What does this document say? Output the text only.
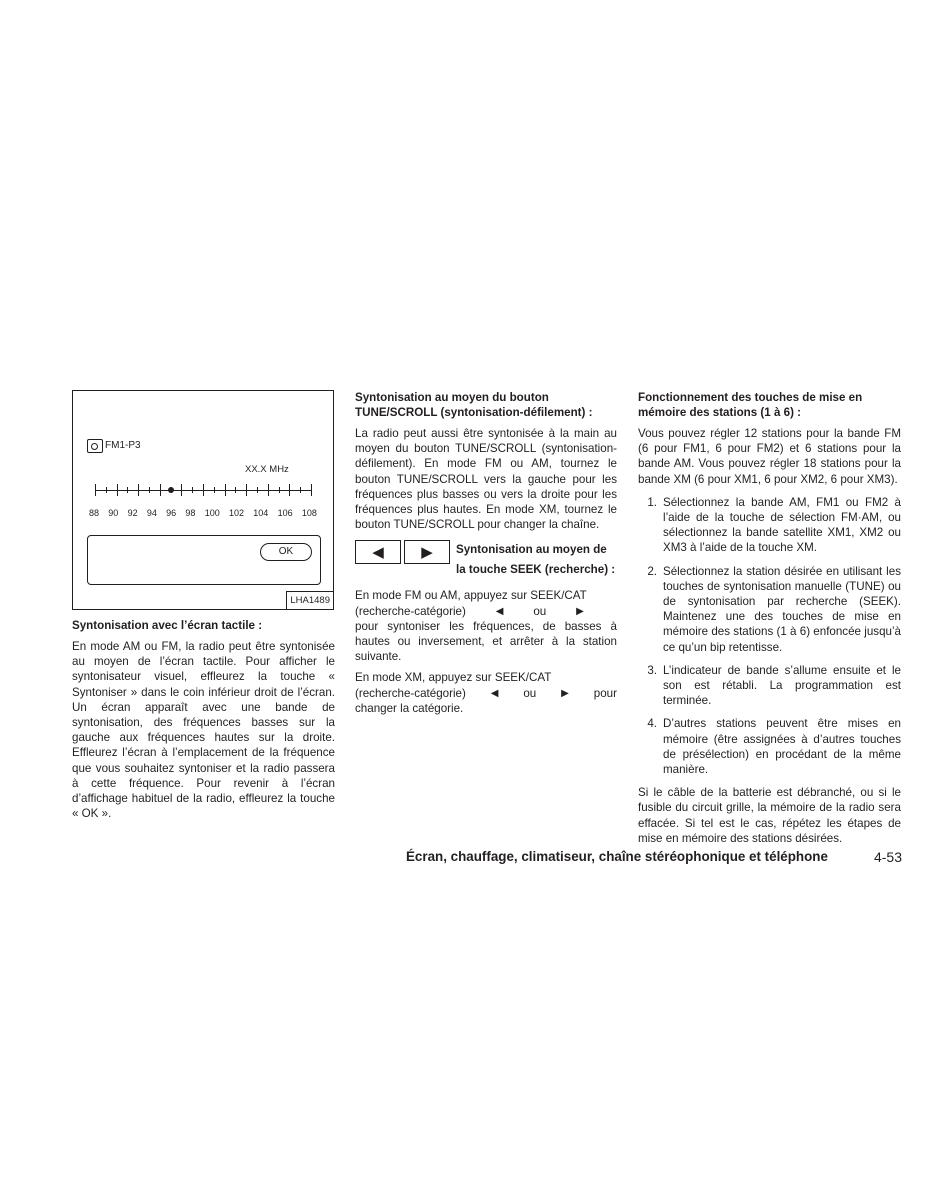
FM1-P3
XX.X MHz
88 90 92 94 96 98 100 102 104 106 108
OK
LHA1489
Syntonisation avec l’écran tactile :

En mode AM ou FM, la radio peut être syntonisée au moyen de l’écran tactile. Pour afficher le syntonisateur visuel, effleurez la touche « Syntoniser » dans le coin inférieur droit de l’écran. Un écran apparaît avec une bande de syntonisation, des fréquences basses sur la gauche aux fréquences hautes sur la droite. Effleurez l’écran à l’emplacement de la fréquence que vous souhaitez syntoniser et la radio passera à cette fréquence. Pour revenir à l’écran d’affichage habituel de la radio, effleurez la touche « OK ».

Syntonisation au moyen du bouton TUNE/SCROLL (syntonisation-défilement) :

La radio peut aussi être syntonisée à la main au moyen du bouton TUNE/SCROLL (syntonisation-défilement). En mode FM ou AM, tournez le bouton TUNE/SCROLL vers la gauche pour les fréquences plus basses ou vers la droite pour les fréquences plus hautes. En mode XM, tournez le bouton TUNE/SCROLL pour changer la chaîne.

◀	▶	Syntonisation au moyen de la touche SEEK (recherche) :

En mode FM ou AM, appuyez sur SEEK/CAT

(recherche-catégorie)	◀	ou	▶

pour syntoniser les fréquences, de basses à hautes ou inversement, et arrêter à la station suivante.

En mode XM, appuyez sur SEEK/CAT

(recherche-catégorie) ◀ ou ▶ pour
changer la catégorie.

Fonctionnement des touches de mise en mémoire des stations (1 à 6) :

Vous pouvez régler 12 stations pour la bande FM (6 pour FM1, 6 pour FM2) et 6 stations pour la bande AM. Vous pouvez régler 18 stations pour la bande XM (6 pour XM1, 6 pour XM2, 6 pour XM3).

1. Sélectionnez la bande AM, FM1 ou FM2 à l’aide de la touche de sélection FM·AM, ou sélectionnez la bande satellite XM1, XM2 ou XM3 à l’aide de la touche XM.
2. Sélectionnez la station désirée en utilisant les touches de syntonisation manuelle (TUNE) ou de syntonisation par recherche (SEEK). Maintenez une des touches de mise en mémoire des stations (1 à 6) enfoncée jusqu’à ce qu’un bip retentisse.
3. L’indicateur de bande s’allume ensuite et le son est rétabli. La programmation est terminée.
4. D’autres stations peuvent être mises en mémoire (être assignées à d’autres touches de présélection) en procédant de la même manière.

Si le câble de la batterie est débranché, ou si le fusible du circuit grille, la mémoire de la radio sera effacée. Si tel est le cas, répétez les étapes de mise en mémoire des stations désirées.

Écran, chauffage, climatiseur, chaîne stéréophonique et téléphone	4-53
